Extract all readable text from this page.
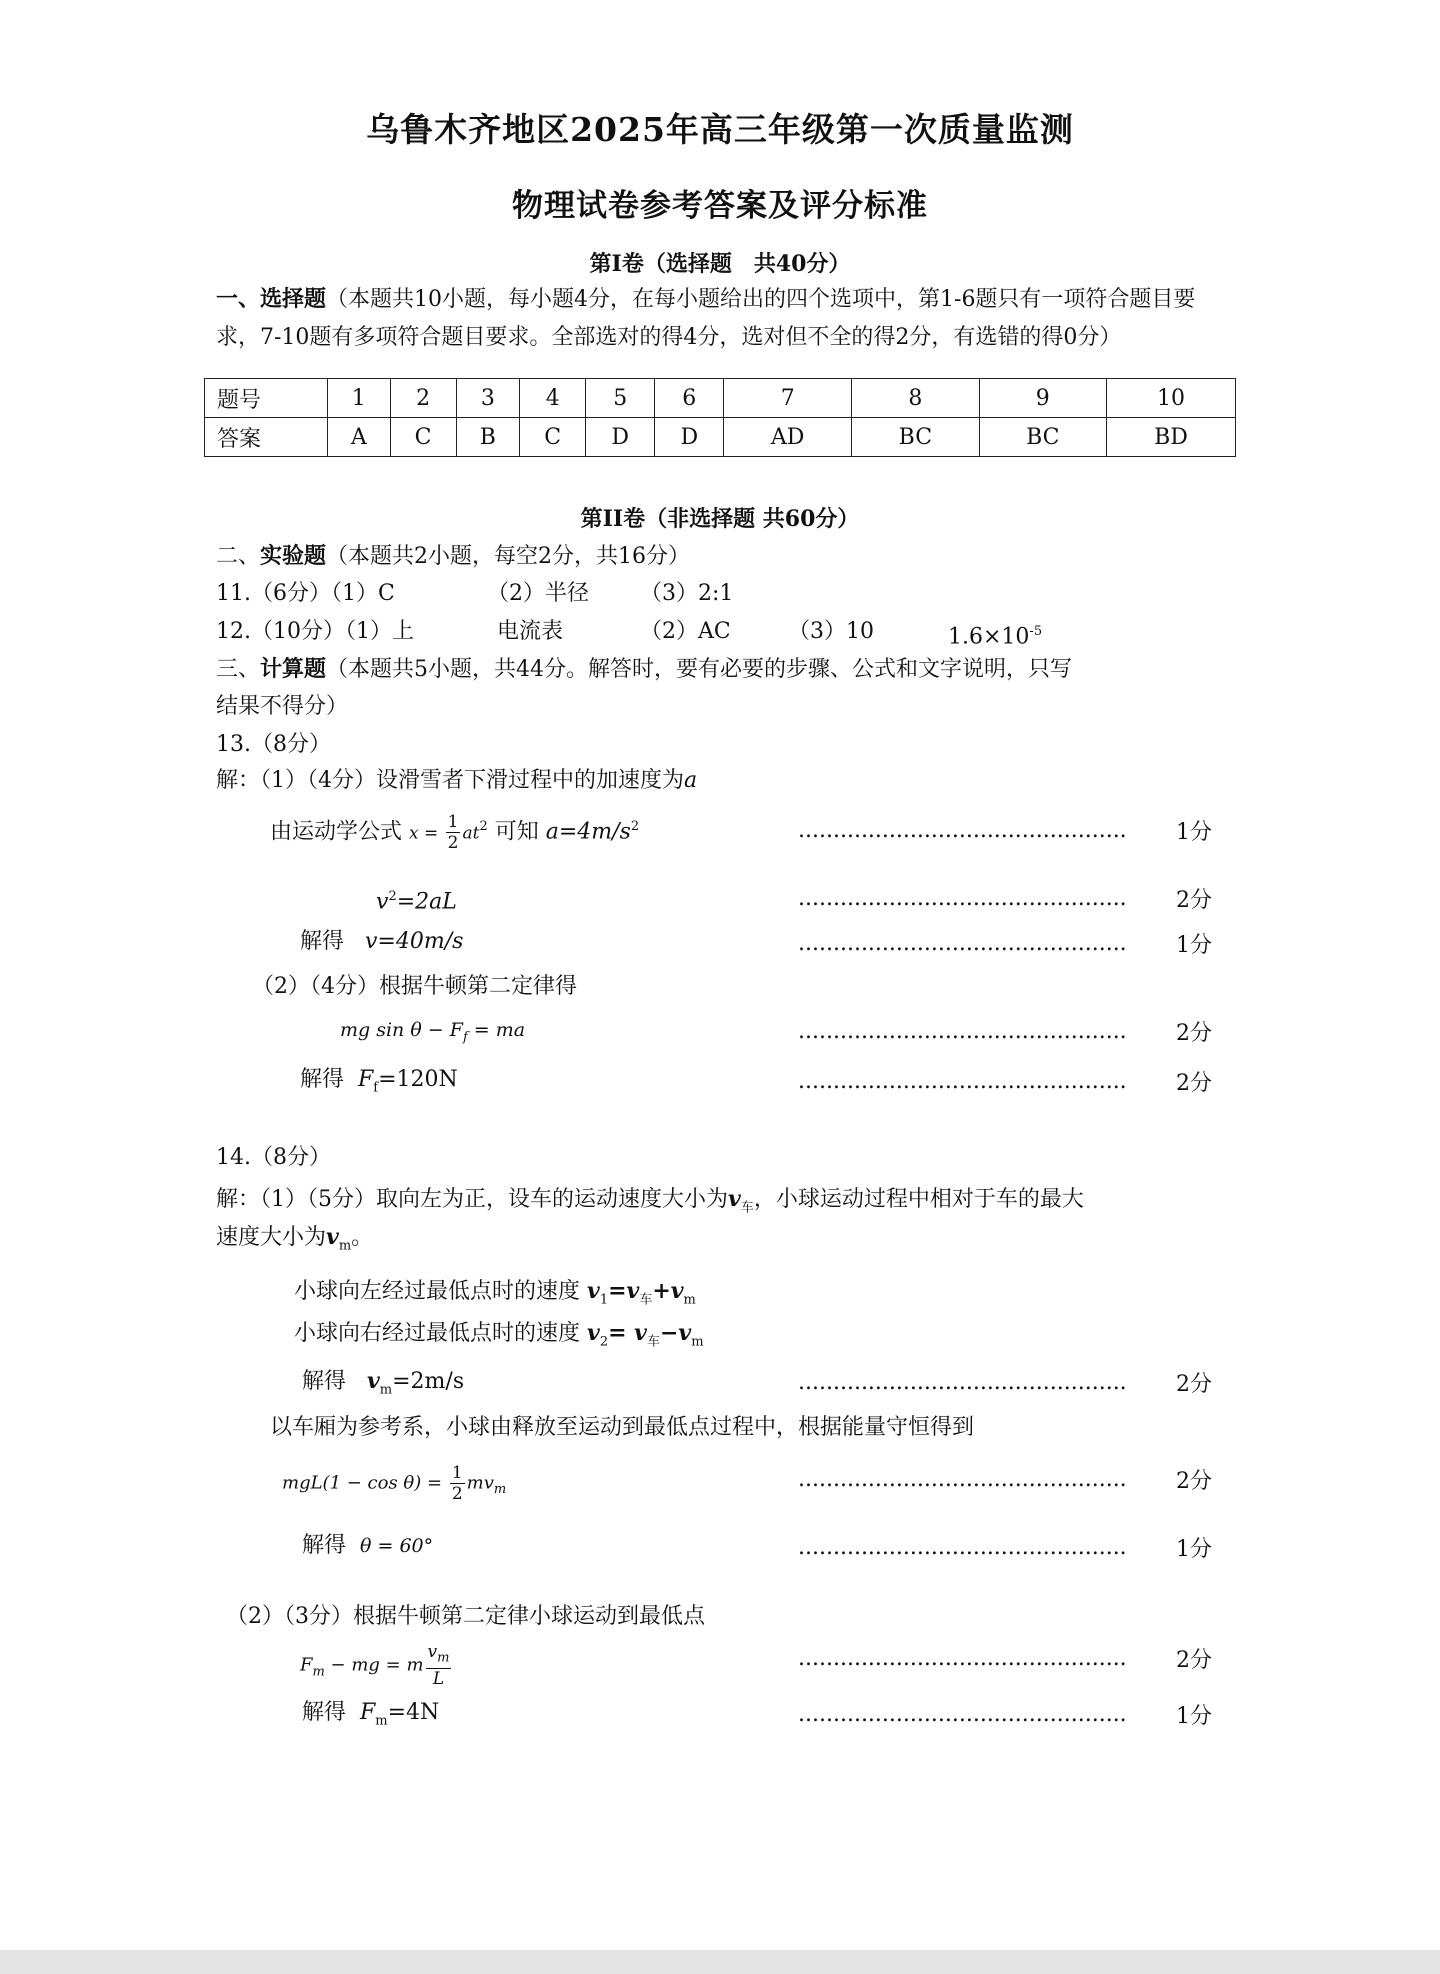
乌鲁木齐地区2025年高三年级第一次质量监测
物理试卷参考答案及评分标准
第I卷（选择题　共40分）
一、选择题（本题共10小题，每小题4分，在每小题给出的四个选项中，第1-6题只有一项符合题目要求，7-10题有多项符合题目要求。全部选对的得4分，选对但不全的得2分，有选错的得0分）
题号	1	2	3	4	5	6	7	8	9	10
答案	A	C	B	C	D	D	AD	BC	BC	BD
第II卷（非选择题 共60分）
二、实验题（本题共2小题，每空2分，共16分）
11.（6分）（1）C	（2）半径 （3）2:1
12.（10分）（1）上	电流表	（2）AC	（3）10	$1.6\times 10^{-5}$
三、计算题（本题共5小题，共44分。解答时，要有必要的步骤、公式和文字说明，只写
结果不得分）
13.（8分）
解：（1）（4分）设滑雪者下滑过程中的加速度为a
由运动学公式 $x = \frac{1}{2} at^2$ 可知 $a=4m/s^2$	............................................... 1分
$v^2=2aL$	............................................... 2分
解得 v=40m/s	............................................... 1分
（2）（4分）根据牛顿第二定律得
mg $\sin \theta - F_f$ = ma	............................................... 2分
解得 $F_f=120N$	............................................... 2分
14.（8分）
解：（1）（5分）取向左为正，设车的运动速度大小为$v_车$，小球运动过程中相对于车的最大
速度大小为$v_m$。
小球向左经过最低点时的速度 $v_1=v_车+v_m$
小球向右经过最低点时的速度 $v_2= v_车-v_m$
解得 $v_m=2m/s$	............................................... 2分
以车厢为参考系，小球由释放至运动到最低点过程中，根据能量守恒得到
$mgL(1 - \cos \theta) = \frac{1}{2} mv_m$	............................................... 2分
解得 θ = 60°	............................................... 1分
（2）（3分）根据牛顿第二定律小球运动到最低点
$F_m$ − mg = m $\frac{v_m}{L}$	............................................... 2分
解得 $F_m=4N$	............................................... 1分
